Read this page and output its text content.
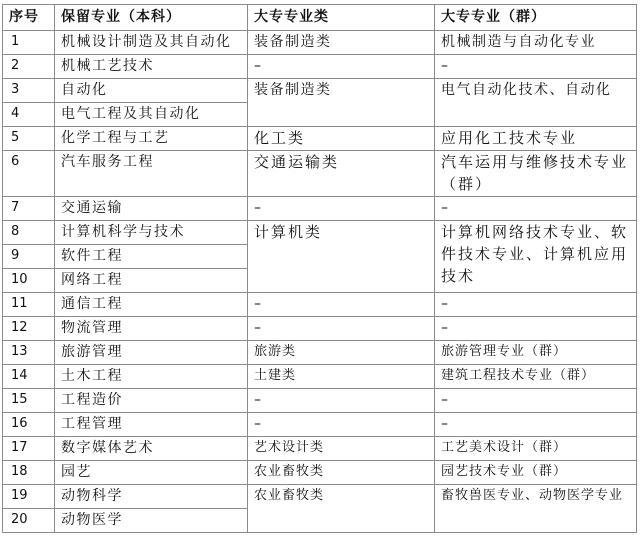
序号	保留专业（本科）	大专专业类	大专专业（群）
1	机械设计制造及其自动化	装备制造类	机械制造与自动化专业
2	机械工艺技术	–	–
3	自动化	装备制造类	电气自动化技术、自动化
4	电气工程及其自动化		
5	化学工程与工艺	化工类	应用化工技术专业
6	汽车服务工程	交通运输类	汽车运用与维修技术专业（群）
7	交通运输	–	–
8	计算机科学与技术	计算机类	计算机网络技术专业、软件技术专业、计算机应用技术
9	软件工程		
10	网络工程		
11	通信工程	–	–
12	物流管理	–	–
13	旅游管理	旅游类	旅游管理专业（群）
14	土木工程	土建类	建筑工程技术专业（群）
15	工程造价	–	–
16	工程管理	–	–
17	数字媒体艺术	艺术设计类	工艺美术设计（群）
18	园艺	农业畜牧类	园艺技术专业（群）
19	动物科学	农业畜牧类	畜牧兽医专业、动物医学专业
20	动物医学		
